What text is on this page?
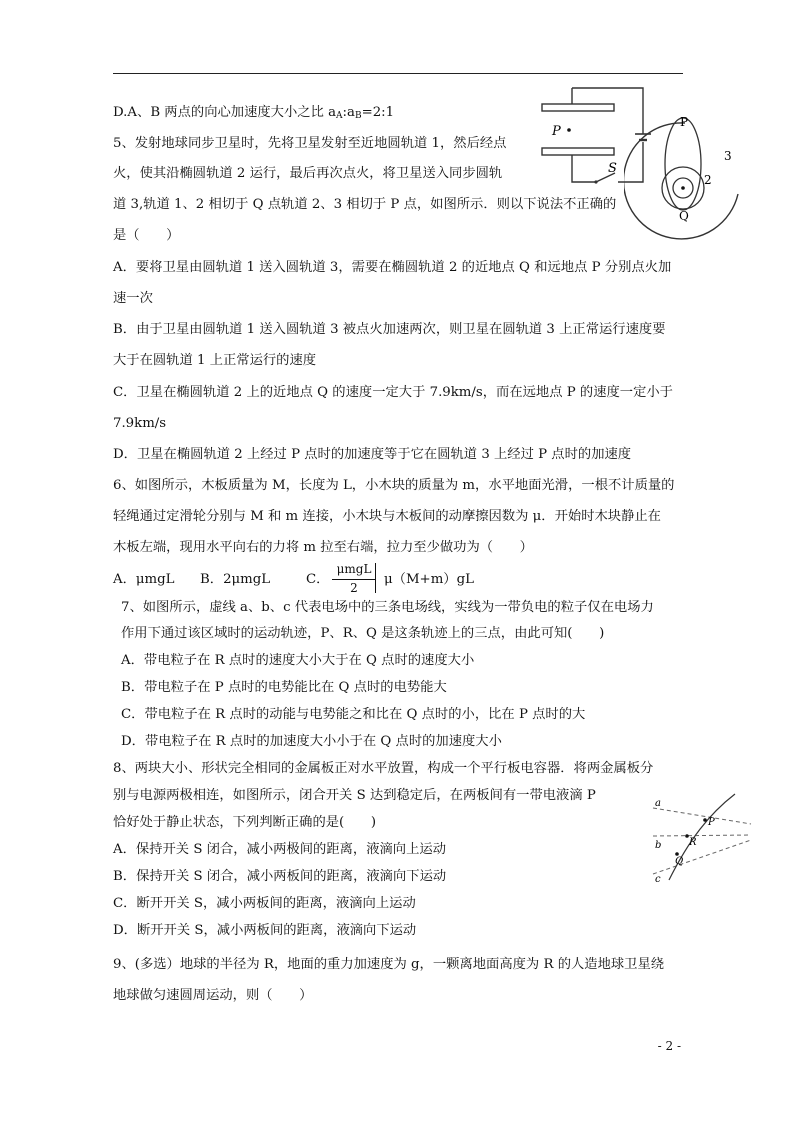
D.A、B 两点的向心加速度大小之比 $a_A:a_B=2:1$
5、发射地球同步卫星时，先将卫星发射至近地圆轨道 1，然后经点
火，使其沿椭圆轨道 2 运行，最后再次点火，将卫星送入同步圆轨
道 3,轨道 1、2 相切于 Q 点轨道 2、3 相切于 P 点，如图所示．则以下说法不正确的
是（　　）
A．要将卫星由圆轨道 1 送入圆轨道 3，需要在椭圆轨道 2 的近地点 Q 和远地点 P 分别点火加
速一次
B．由于卫星由圆轨道 1 送入圆轨道 3 被点火加速两次，则卫星在圆轨道 3 上正常运行速度要
大于在圆轨道 1 上正常运行的速度
C．卫星在椭圆轨道 2 上的近地点 Q 的速度一定大于 7.9km/s，而在远地点 P 的速度一定小于
7.9km/s
D．卫星在椭圆轨道 2 上经过 P 点时的加速度等于它在圆轨道 3 上经过 P 点时的加速度
6、如图所示，木板质量为 M，长度为 L，小木块的质量为 m，水平地面光滑，一根不计质量的
轻绳通过定滑轮分别与 M 和 m 连接，小木块与木板间的动摩擦因数为 μ．开始时木块静止在
木板左端，现用水平向右的力将 m 拉至右端，拉力至少做功为（　　）
A．μmgL B．2μmgL	C．
μmgL
2
μ（M+m）gL
7、如图所示，虚线 a、b、c 代表电场中的三条电场线，实线为一带负电的粒子仅在电场力
作用下通过该区域时的运动轨迹，P、R、Q 是这条轨迹上的三点，由此可知(　　)
A．带电粒子在 R 点时的速度大小大于在 Q 点时的速度大小
B．带电粒子在 P 点时的电势能比在 Q 点时的电势能大
C．带电粒子在 R 点时的动能与电势能之和比在 Q 点时的小，比在 P 点时的大
D．带电粒子在 R 点时的加速度大小小于在 Q 点时的加速度大小
8、两块大小、形状完全相同的金属板正对水平放置，构成一个平行板电容器．将两金属板分
别与电源两极相连，如图所示，闭合开关 S 达到稳定后，在两板间有一带电液滴 P
恰好处于静止状态，下列判断正确的是(　　)
A．保持开关 S 闭合，减小两极间的距离，液滴向上运动
B．保持开关 S 闭合，减小两板间的距离，液滴向下运动
C．断开开关 S，减小两板间的距离，液滴向上运动
D．断开开关 S，减小两板间的距离，液滴向下运动
9、(多选）地球的半径为 R，地面的重力加速度为 g，一颗离地面高度为 R 的人造地球卫星绕
地球做匀速圆周运动，则（　　）
P
S
P
Q
2
3
a
b
c
P
R
Q
- 2 -
